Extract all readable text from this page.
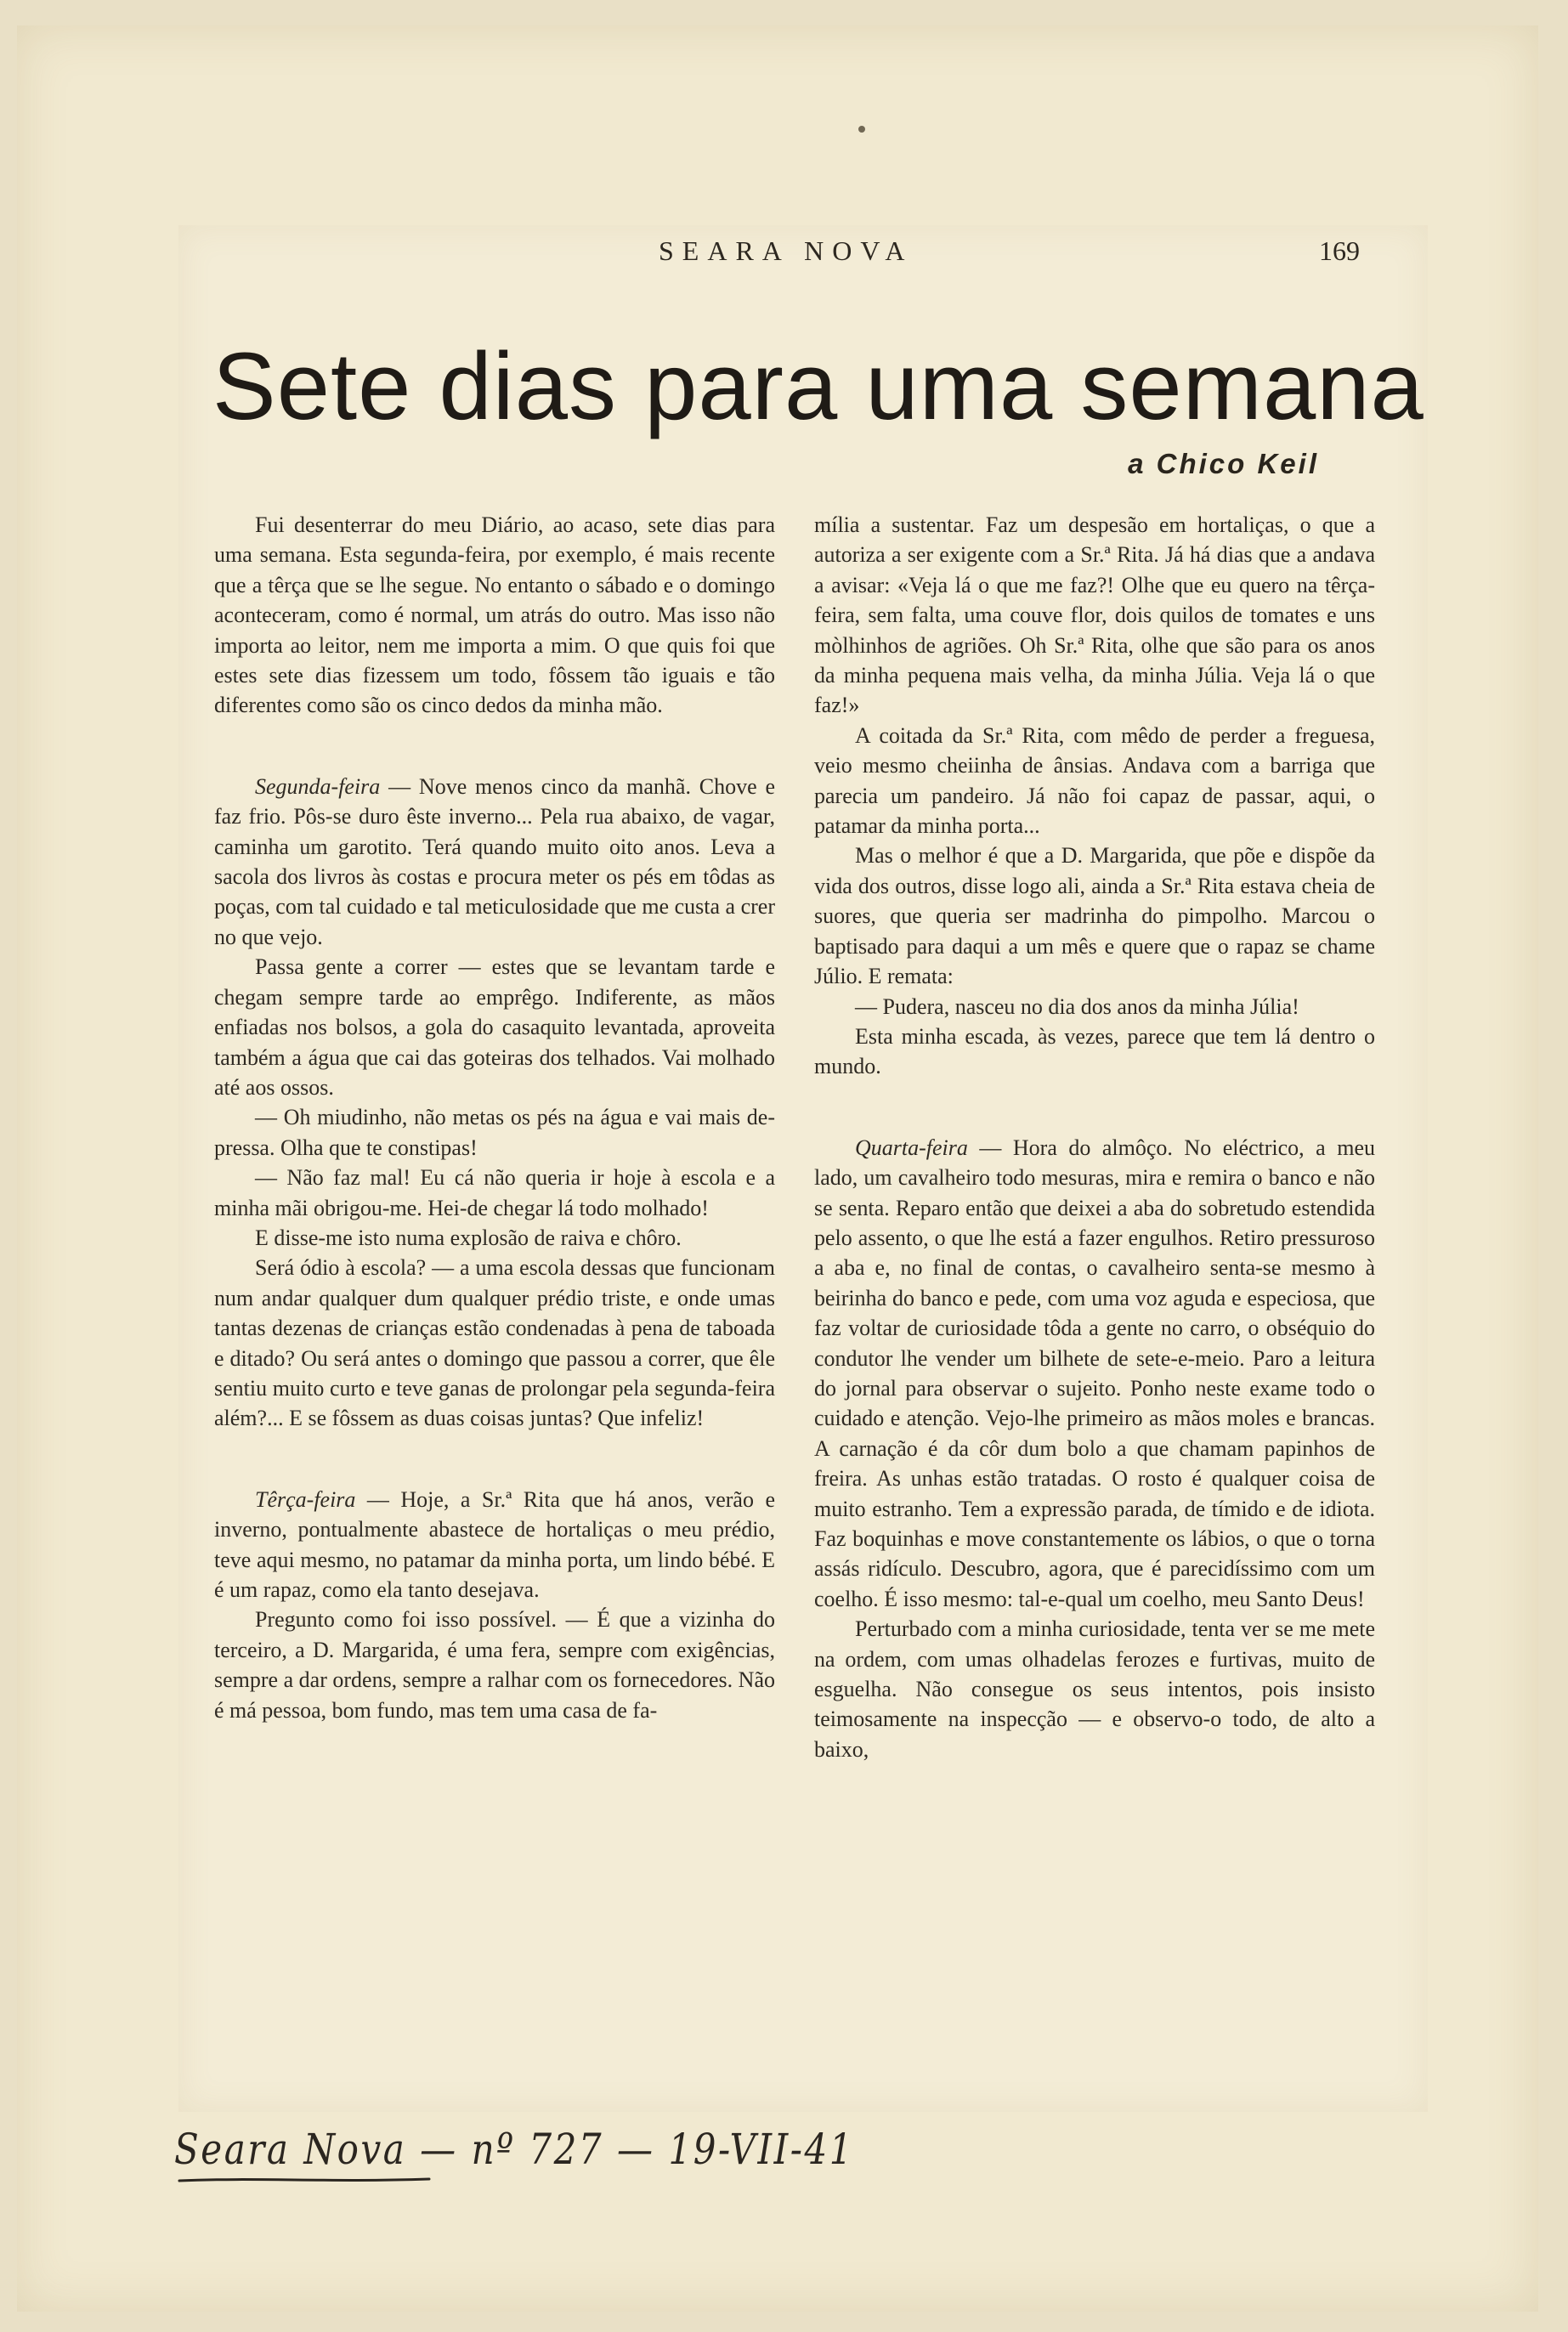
SEARA NOVA	169
Sete dias para uma semana
a Chico Keil

Fui desenterrar do meu Diário, ao acaso, sete dias para uma semana. Esta segunda-feira, por exemplo, é mais recente que a têrça que se lhe segue. No entanto o sábado e o domingo aconteceram, como é normal, um atrás do outro. Mas isso não importa ao leitor, nem me importa a mim. O que quis foi que estes sete dias fizessem um todo, fôssem tão iguais e tão diferentes como são os cinco dedos da minha mão.

Segunda-feira — Nove menos cinco da manhã. Chove e faz frio. Pôs-se duro êste inverno... Pela rua abaixo, de vagar, caminha um garotito. Terá quando muito oito anos. Leva a sacola dos livros às costas e procura meter os pés em tôdas as poças, com tal cuidado e tal meticulosidade que me custa a crer no que vejo.

Passa gente a correr — estes que se levantam tarde e chegam sempre tarde ao emprêgo. Indiferente, as mãos enfiadas nos bolsos, a gola do casaquito levantada, aproveita também a água que cai das goteiras dos telhados. Vai molhado até aos ossos.

— Oh miudinho, não metas os pés na água e vai mais de-pressa. Olha que te constipas!

— Não faz mal! Eu cá não queria ir hoje à escola e a minha mãi obrigou-me. Hei-de chegar lá todo molhado!

E disse-me isto numa explosão de raiva e chôro.

Será ódio à escola? — a uma escola dessas que funcionam num andar qualquer dum qualquer prédio triste, e onde umas tantas dezenas de crianças estão condenadas à pena de taboada e ditado? Ou será antes o domingo que passou a correr, que êle sentiu muito curto e teve ganas de prolongar pela segunda-feira além?... E se fôssem as duas coisas juntas? Que infeliz!

Têrça-feira — Hoje, a Sr.ª Rita que há anos, verão e inverno, pontualmente abastece de hortaliças o meu prédio, teve aqui mesmo, no patamar da minha porta, um lindo bébé. E é um rapaz, como ela tanto desejava.

Pregunto como foi isso possível. — É que a vizinha do terceiro, a D. Margarida, é uma fera, sempre com exigências, sempre a dar ordens, sempre a ralhar com os fornecedores. Não é má pessoa, bom fundo, mas tem uma casa de fa-

mília a sustentar. Faz um despesão em hortaliças, o que a autoriza a ser exigente com a Sr.ª Rita. Já há dias que a andava a avisar: «Veja lá o que me faz?! Olhe que eu quero na têrça-feira, sem falta, uma couve flor, dois quilos de tomates e uns mòlhinhos de agriões. Oh Sr.ª Rita, olhe que são para os anos da minha pequena mais velha, da minha Júlia. Veja lá o que faz!»

A coitada da Sr.ª Rita, com mêdo de perder a freguesa, veio mesmo cheiinha de ânsias. Andava com a barriga que parecia um pandeiro. Já não foi capaz de passar, aqui, o patamar da minha porta...

Mas o melhor é que a D. Margarida, que põe e dispõe da vida dos outros, disse logo ali, ainda a Sr.ª Rita estava cheia de suores, que queria ser madrinha do pimpolho. Marcou o baptisado para daqui a um mês e quere que o rapaz se chame Júlio. E remata:

— Pudera, nasceu no dia dos anos da minha Júlia!

Esta minha escada, às vezes, parece que tem lá dentro o mundo.

Quarta-feira — Hora do almôço. No eléctrico, a meu lado, um cavalheiro todo mesuras, mira e remira o banco e não se senta. Reparo então que deixei a aba do sobretudo estendida pelo assento, o que lhe está a fazer engulhos. Retiro pressuroso a aba e, no final de contas, o cavalheiro senta-se mesmo à beirinha do banco e pede, com uma voz aguda e especiosa, que faz voltar de curiosidade tôda a gente no carro, o obséquio do condutor lhe vender um bilhete de sete-e-meio. Paro a leitura do jornal para observar o sujeito. Ponho neste exame todo o cuidado e atenção. Vejo-lhe primeiro as mãos moles e brancas. A carnação é da côr dum bolo a que chamam papinhos de freira. As unhas estão tratadas. O rosto é qualquer coisa de muito estranho. Tem a expressão parada, de tímido e de idiota. Faz boquinhas e move constantemente os lábios, o que o torna assás ridículo. Descubro, agora, que é parecidíssimo com um coelho. É isso mesmo: tal-e-qual um coelho, meu Santo Deus!

Perturbado com a minha curiosidade, tenta ver se me mete na ordem, com umas olhadelas ferozes e furtivas, muito de esguelha. Não consegue os seus intentos, pois insisto teimosamente na inspecção — e observo-o todo, de alto a baixo,

Seara Nova — nº 727 — 19-VII-41
